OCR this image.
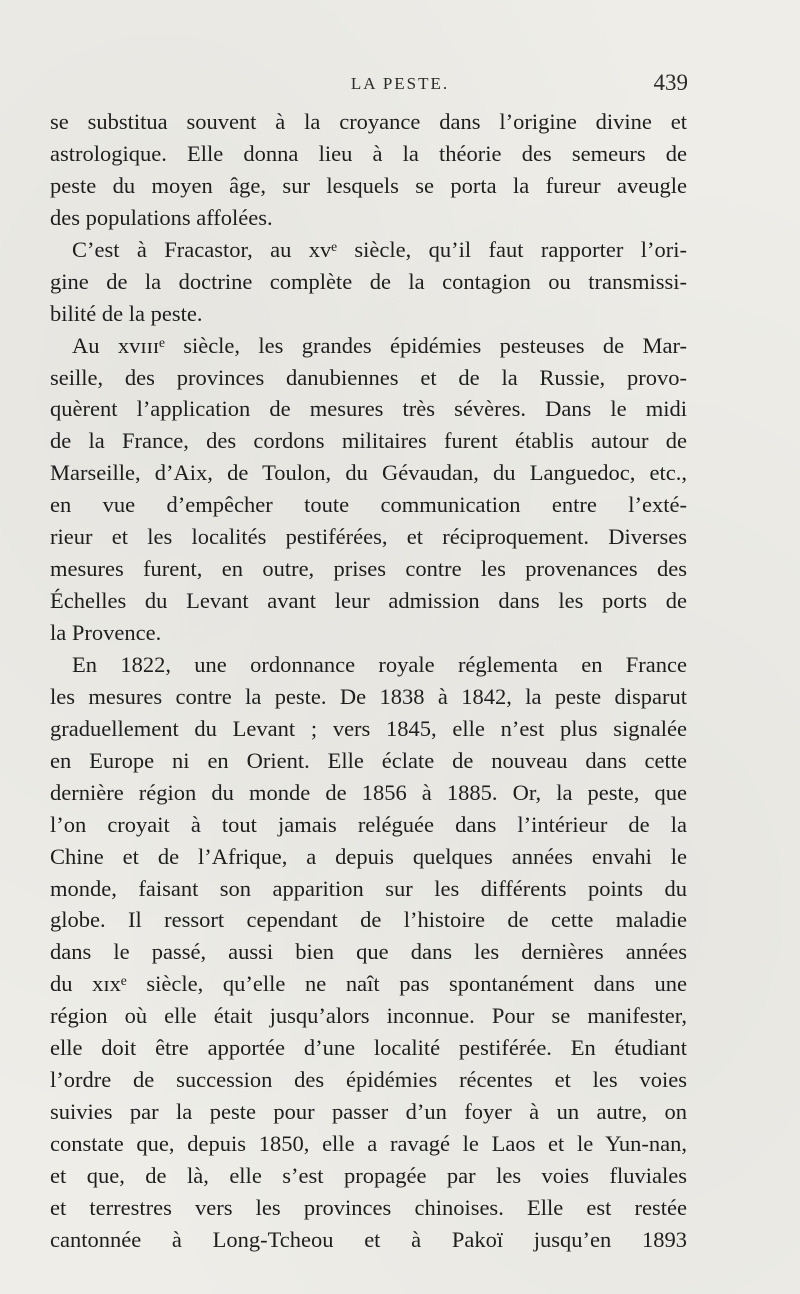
LA PESTE.	439
se substitua souvent à la croyance dans l’origine divine et
astrologique. Elle donna lieu à la théorie des semeurs de
peste du moyen âge, sur lesquels se porta la fureur aveugle
des populations affolées.
C’est à Fracastor, au xvᵉ siècle, qu’il faut rapporter l’ori-
gine de la doctrine complète de la contagion ou transmissi-
bilité de la peste.
Au xvɪɪɪᵉ siècle, les grandes épidémies pesteuses de Mar-
seille, des provinces danubiennes et de la Russie, provo-
quèrent l’application de mesures très sévères. Dans le midi
de la France, des cordons militaires furent établis autour de
Marseille, d’Aix, de Toulon, du Gévaudan, du Languedoc, etc.,
en vue d’empêcher toute communication entre l’exté-
rieur et les localités pestiférées, et réciproquement. Diverses
mesures furent, en outre, prises contre les provenances des
Échelles du Levant avant leur admission dans les ports de
la Provence.
En 1822, une ordonnance royale réglementa en France
les mesures contre la peste. De 1838 à 1842, la peste disparut
graduellement du Levant ; vers 1845, elle n’est plus signalée
en Europe ni en Orient. Elle éclate de nouveau dans cette
dernière région du monde de 1856 à 1885. Or, la peste, que
l’on croyait à tout jamais reléguée dans l’intérieur de la
Chine et de l’Afrique, a depuis quelques années envahi le
monde, faisant son apparition sur les différents points du
globe. Il ressort cependant de l’histoire de cette maladie
dans le passé, aussi bien que dans les dernières années
du xɪxᵉ siècle, qu’elle ne naît pas spontanément dans une
région où elle était jusqu’alors inconnue. Pour se manifester,
elle doit être apportée d’une localité pestiférée. En étudiant
l’ordre de succession des épidémies récentes et les voies
suivies par la peste pour passer d’un foyer à un autre, on
constate que, depuis 1850, elle a ravagé le Laos et le Yun-nan,
et que, de là, elle s’est propagée par les voies fluviales
et terrestres vers les provinces chinoises. Elle est restée
cantonnée à Long-Tcheou et à Pakoï jusqu’en 1893
